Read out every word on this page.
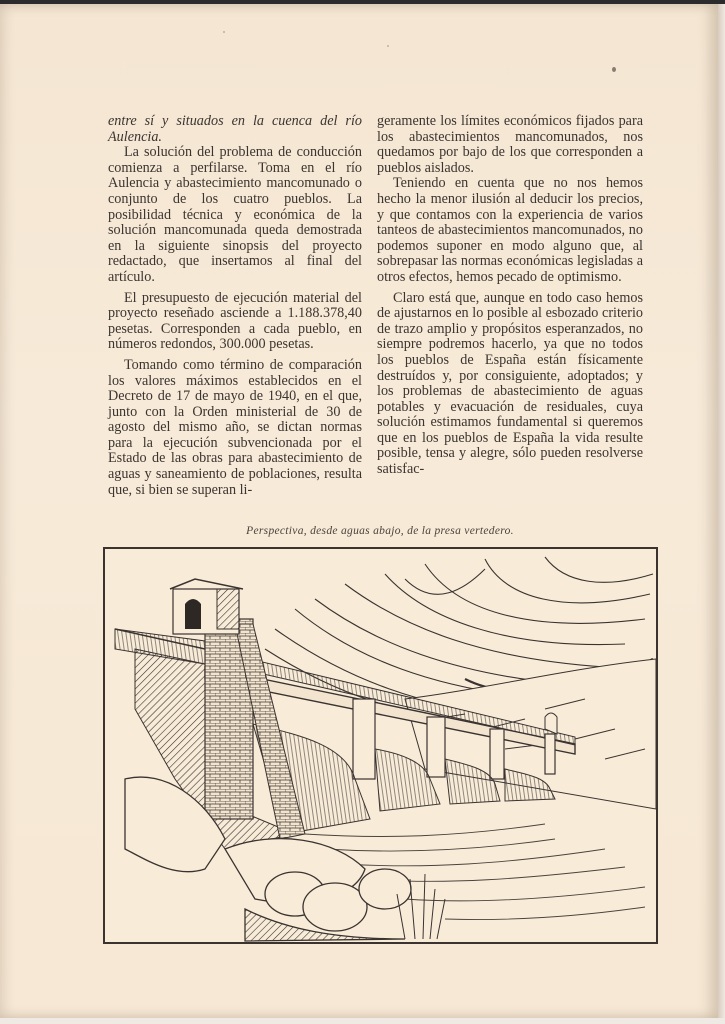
entre sí y situados en la cuenca del río Aulencia.

La solución del problema de conducción comienza a perfilarse. Toma en el río Aulencia y abastecimiento mancomunado o conjunto de los cuatro pueblos. La posibilidad técnica y económica de la solución mancomunada queda demostrada en la siguiente sinopsis del proyecto redactado, que insertamos al final del artículo.

El presupuesto de ejecución material del proyecto reseñado asciende a 1.188.378,40 pesetas. Corresponden a cada pueblo, en números redondos, 300.000 pesetas.

Tomando como término de comparación los valores máximos establecidos en el Decreto de 17 de mayo de 1940, en el que, junto con la Orden ministerial de 30 de agosto del mismo año, se dictan normas para la ejecución subvencionada por el Estado de las obras para abastecimiento de aguas y saneamiento de poblaciones, resulta que, si bien se superan li-

geramente los límites económicos fijados para los abastecimientos mancomunados, nos quedamos por bajo de los que corresponden a pueblos aislados.

Teniendo en cuenta que no nos hemos hecho la menor ilusión al deducir los precios, y que contamos con la experiencia de varios tanteos de abastecimientos mancomunados, no podemos suponer en modo alguno que, al sobrepasar las normas económicas legisladas a otros efectos, hemos pecado de optimismo.

Claro está que, aunque en todo caso hemos de ajustarnos en lo posible al esbozado criterio de trazo amplio y propósitos esperanzados, no siempre podremos hacerlo, ya que no todos los pueblos de España están físicamente destruídos y, por consiguiente, adoptados; y los problemas de abastecimiento de aguas potables y evacuación de residuales, cuya solución estimamos fundamental si queremos que en los pueblos de España la vida resulte posible, tensa y alegre, sólo pueden resolverse satisfac-

Perspectiva, desde aguas abajo, de la presa vertedero.
